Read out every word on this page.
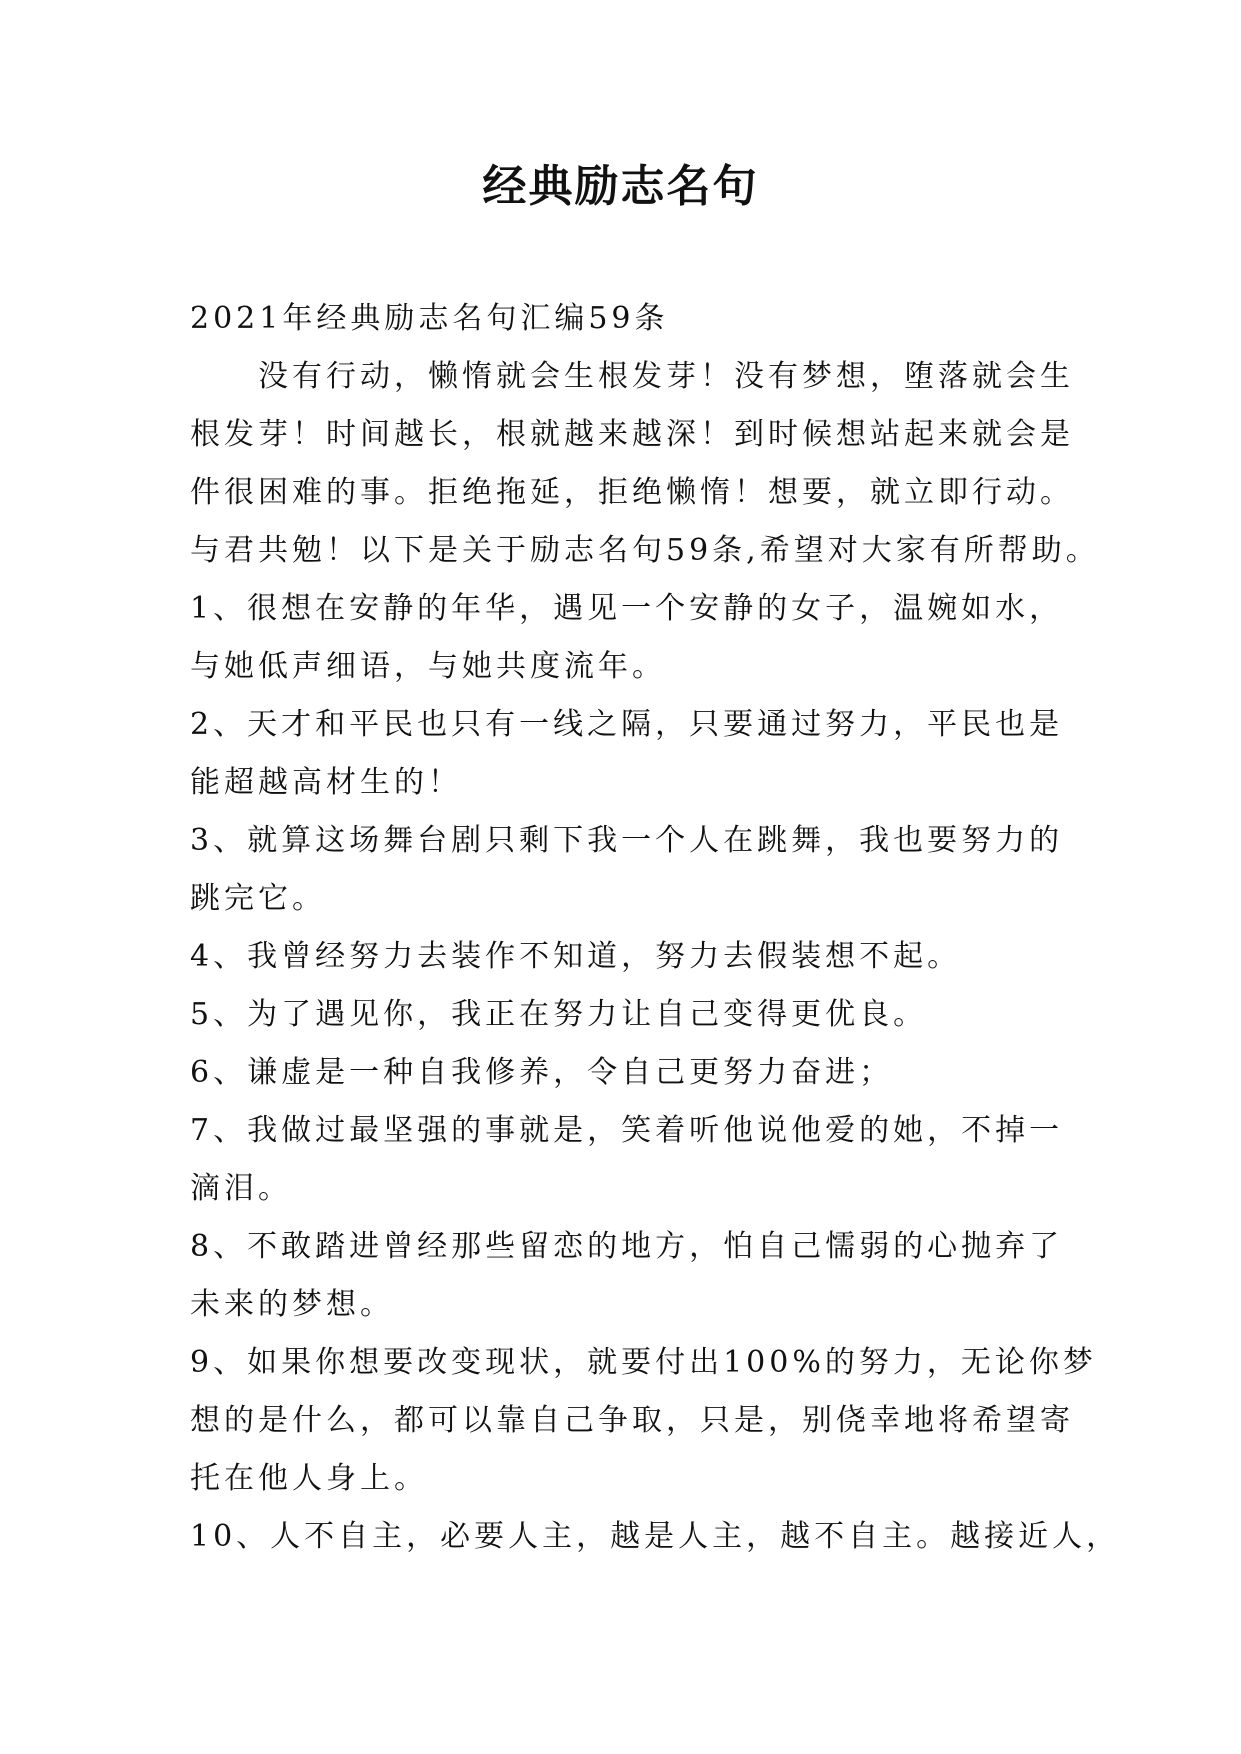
经典励志名句
2021年经典励志名句汇编59条
没有行动，懒惰就会生根发芽！没有梦想，堕落就会生
根发芽！时间越长，根就越来越深！到时候想站起来就会是
件很困难的事。拒绝拖延，拒绝懒惰！想要，就立即行动。
与君共勉！以下是关于励志名句59条,希望对大家有所帮助。
1、很想在安静的年华，遇见一个安静的女子，温婉如水，
与她低声细语，与她共度流年。
2、天才和平民也只有一线之隔，只要通过努力，平民也是
能超越高材生的！
3、就算这场舞台剧只剩下我一个人在跳舞，我也要努力的
跳完它。
4、我曾经努力去装作不知道，努力去假装想不起。
5、为了遇见你，我正在努力让自己变得更优良。
6、谦虚是一种自我修养，令自己更努力奋进；
7、我做过最坚强的事就是，笑着听他说他爱的她，不掉一
滴泪。
8、不敢踏进曾经那些留恋的地方，怕自己懦弱的心抛弃了
未来的梦想。
9、如果你想要改变现状，就要付出100%的努力，无论你梦
想的是什么，都可以靠自己争取，只是，别侥幸地将希望寄
托在他人身上。
10、人不自主，必要人主，越是人主，越不自主。越接近人，
